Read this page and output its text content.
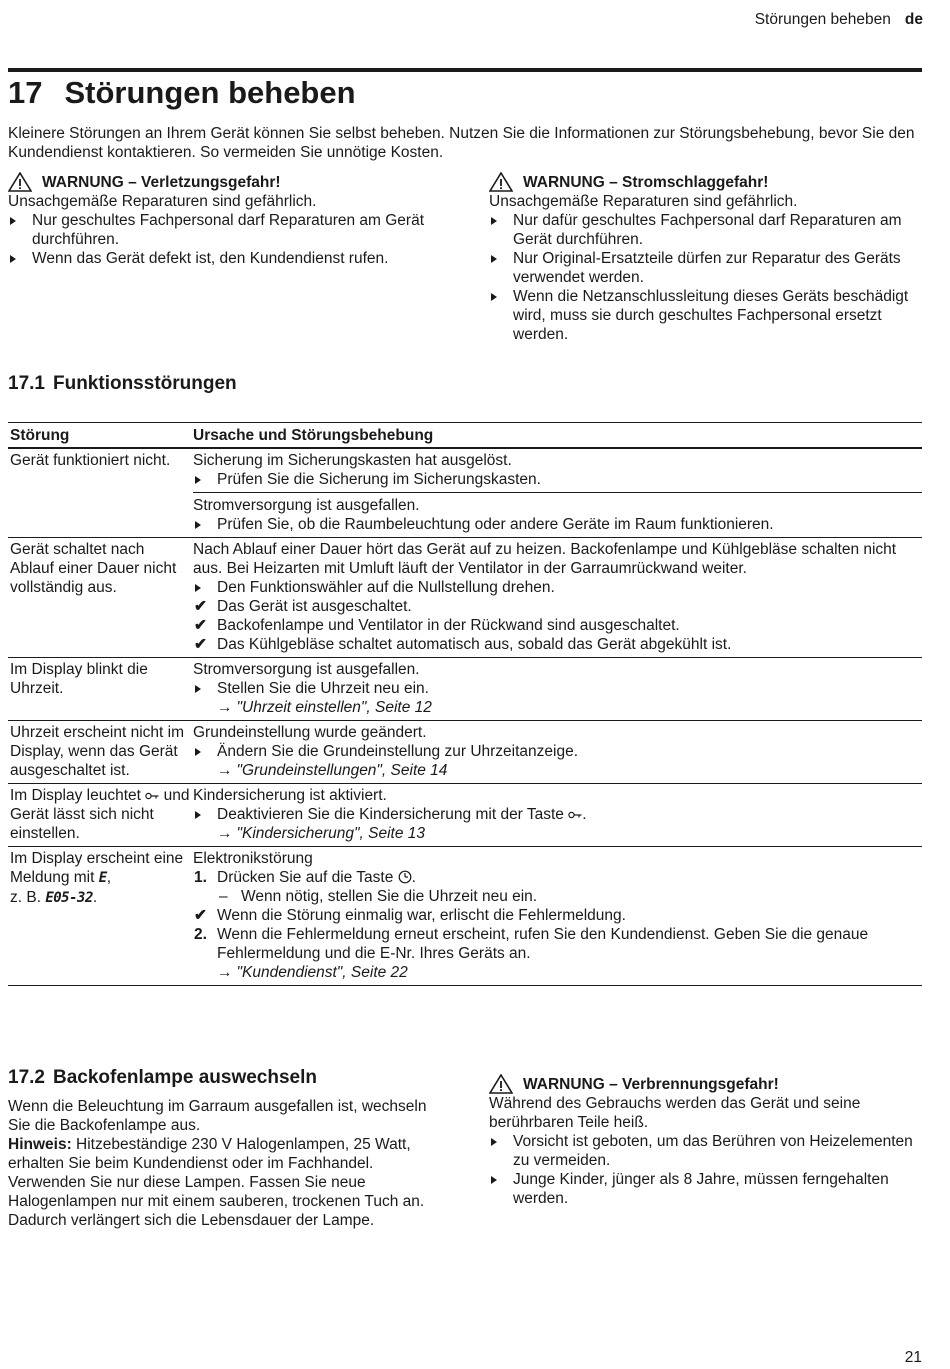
Störungen beheben de
17 Störungen beheben

Kleinere Störungen an Ihrem Gerät können Sie selbst beheben. Nutzen Sie die Informationen zur Störungsbehebung, bevor Sie den Kundendienst kontaktieren. So vermeiden Sie unnötige Kosten.

WARNUNG – Verletzungsgefahr!
Unsachgemäße Reparaturen sind gefährlich.
Nur geschultes Fachpersonal darf Reparaturen am Gerät durchführen.
Wenn das Gerät defekt ist, den Kundendienst rufen.
WARNUNG – Stromschlaggefahr!
Unsachgemäße Reparaturen sind gefährlich.
Nur dafür geschultes Fachpersonal darf Reparaturen am Gerät durchführen.
Nur Original-Ersatzteile dürfen zur Reparatur des Geräts verwendet werden.
Wenn die Netzanschlussleitung dieses Geräts beschädigt wird, muss sie durch geschultes Fachpersonal ersetzt werden.
17.1 Funktionsstörungen
Störung	Ursache und Störungsbehebung
Gerät funktioniert nicht.	Sicherung im Sicherungskasten hat ausgelöst.
Prüfen Sie die Sicherung im Sicherungskasten.
Stromversorgung ist ausgefallen.
Prüfen Sie, ob die Raumbeleuchtung oder andere Geräte im Raum funktionieren.
Gerät schaltet nach Ablauf einer Dauer nicht vollständig aus.
Nach Ablauf einer Dauer hört das Gerät auf zu heizen. Backofenlampe und Kühlgebläse schalten nicht aus. Bei Heizarten mit Umluft läuft der Ventilator in der Garraumrückwand weiter.
Den Funktionswähler auf die Nullstellung drehen.
✔ Das Gerät ist ausgeschaltet.
✔ Backofenlampe und Ventilator in der Rückwand sind ausgeschaltet.
✔ Das Kühlgebläse schaltet automatisch aus, sobald das Gerät abgekühlt ist.
Im Display blinkt die Uhrzeit.
Stromversorgung ist ausgefallen.
Stellen Sie die Uhrzeit neu ein.
→ "Uhrzeit einstellen", Seite 12
Uhrzeit erscheint nicht im Display, wenn das Gerät ausgeschaltet ist.
Grundeinstellung wurde geändert.
Ändern Sie die Grundeinstellung zur Uhrzeitanzeige.
→ "Grundeinstellungen", Seite 14
Im Display leuchtet und Gerät lässt sich nicht einstellen.
Kindersicherung ist aktiviert.
Deaktivieren Sie die Kindersicherung mit der Taste .
→ "Kindersicherung", Seite 13
Im Display erscheint eine Meldung mit E,
z. B. E05-32.
Elektronikstörung
1. Drücken Sie auf die Taste .
– Wenn nötig, stellen Sie die Uhrzeit neu ein.
✔ Wenn die Störung einmalig war, erlischt die Fehlermeldung.
2. Wenn die Fehlermeldung erneut erscheint, rufen Sie den Kundendienst. Geben Sie die genaue Fehlermeldung und die E-Nr. Ihres Geräts an.
→ "Kundendienst", Seite 22
17.2 Backofenlampe auswechseln
Wenn die Beleuchtung im Garraum ausgefallen ist, wechseln Sie die Backofenlampe aus.
Hinweis: Hitzebeständige 230 V Halogenlampen, 25 Watt, erhalten Sie beim Kundendienst oder im Fachhandel. Verwenden Sie nur diese Lampen. Fassen Sie neue Halogenlampen nur mit einem sauberen, trockenen Tuch an. Dadurch verlängert sich die Lebensdauer der Lampe.
WARNUNG – Verbrennungsgefahr!
Während des Gebrauchs werden das Gerät und seine berührbaren Teile heiß.
Vorsicht ist geboten, um das Berühren von Heizelementen zu vermeiden.
Junge Kinder, jünger als 8 Jahre, müssen ferngehalten werden.
21
